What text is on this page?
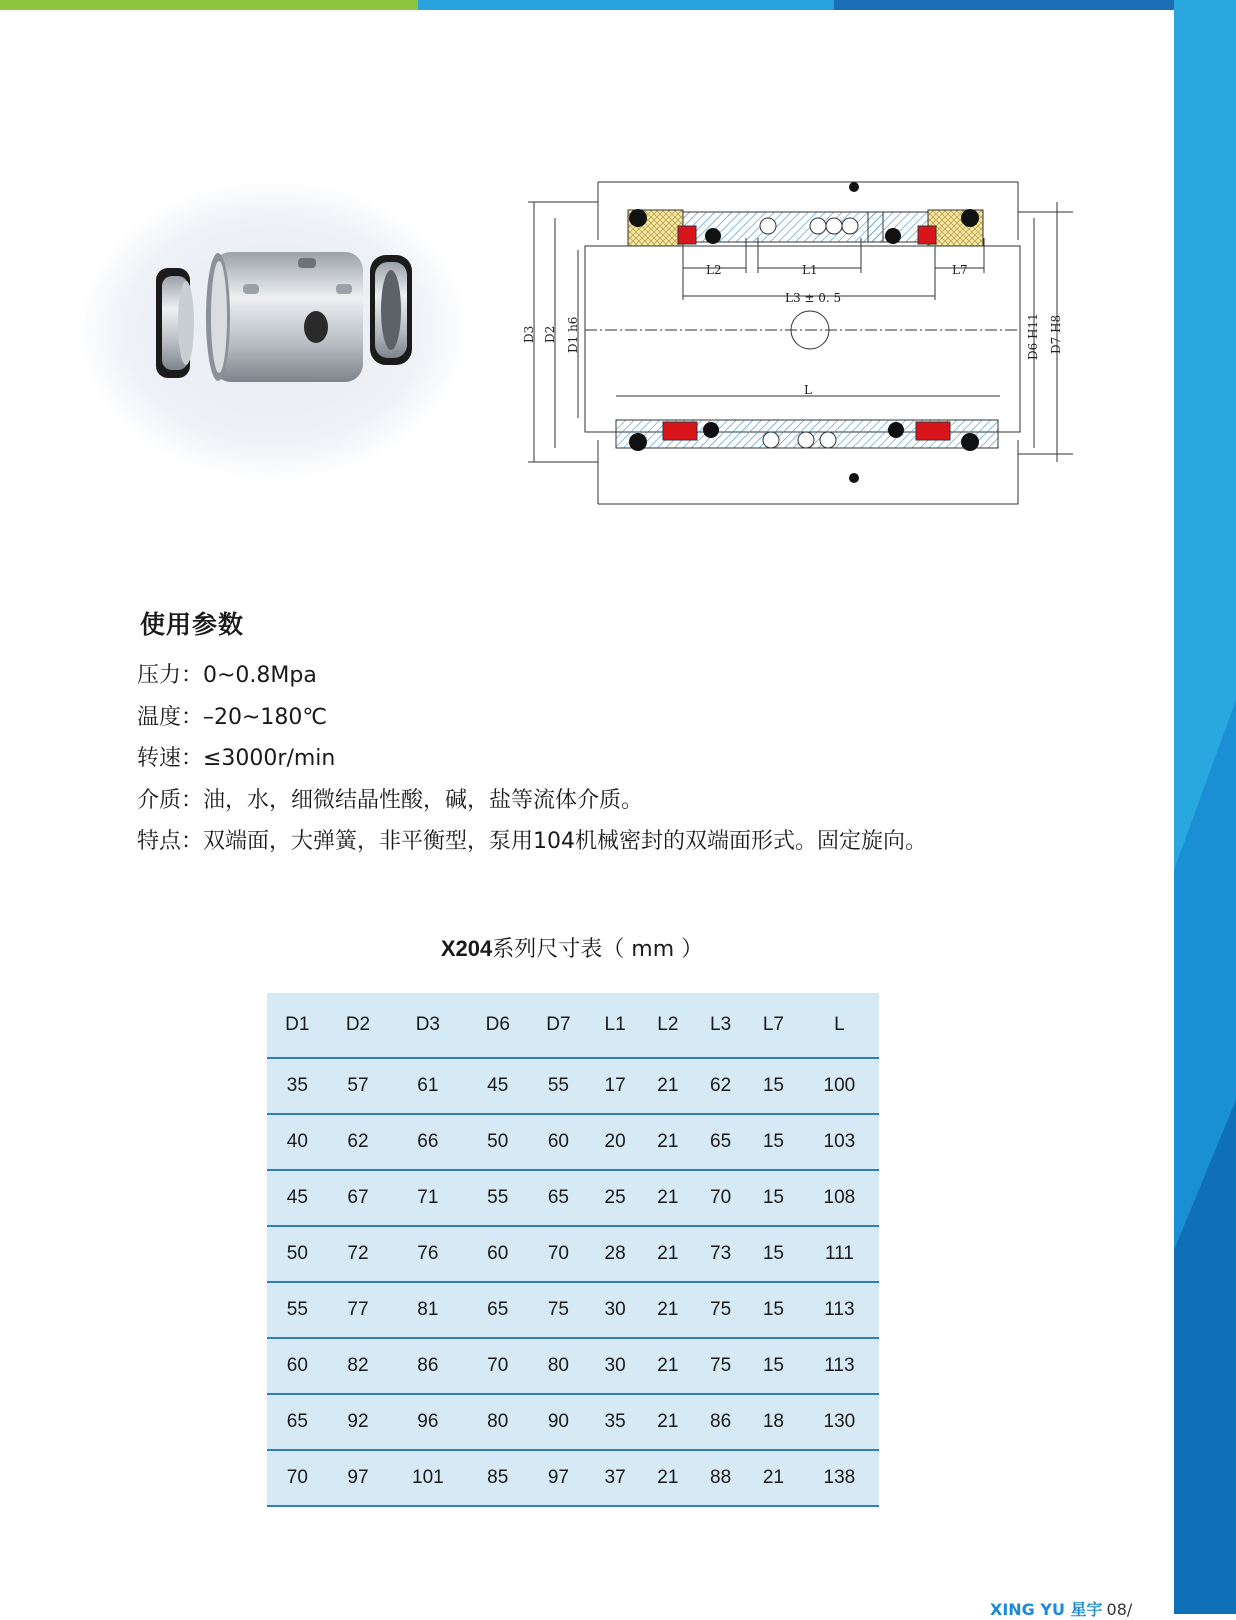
L2	L1	L7
L3 ± 0. 5
L
D3 D2 D1 h6	D6 H11 D7 H8
使用参数
压力：0~0.8Mpa
温度：–20~180℃
转速：≤3000r/min
介质：油，水，细微结晶性酸，碱，盐等流体介质。
特点：双端面，大弹簧，非平衡型，泵用104机械密封的双端面形式。固定旋向。
X204系列尺寸表（ mm ）
D1	D2	D3	D6	D7	L1	L2	L3	L7	L
35	57	61	45	55	17	21	62	15	100
40	62	66	50	60	20	21	65	15	103
45	67	71	55	65	25	21	70	15	108
50	72	76	60	70	28	21	73	15	111
55	77	81	65	75	30	21	75	15	113
60	82	86	70	80	30	21	75	15	113
65	92	96	80	90	35	21	86	18	130
70	97	101	85	97	37	21	88	21	138
XING YU 星宇 08/
